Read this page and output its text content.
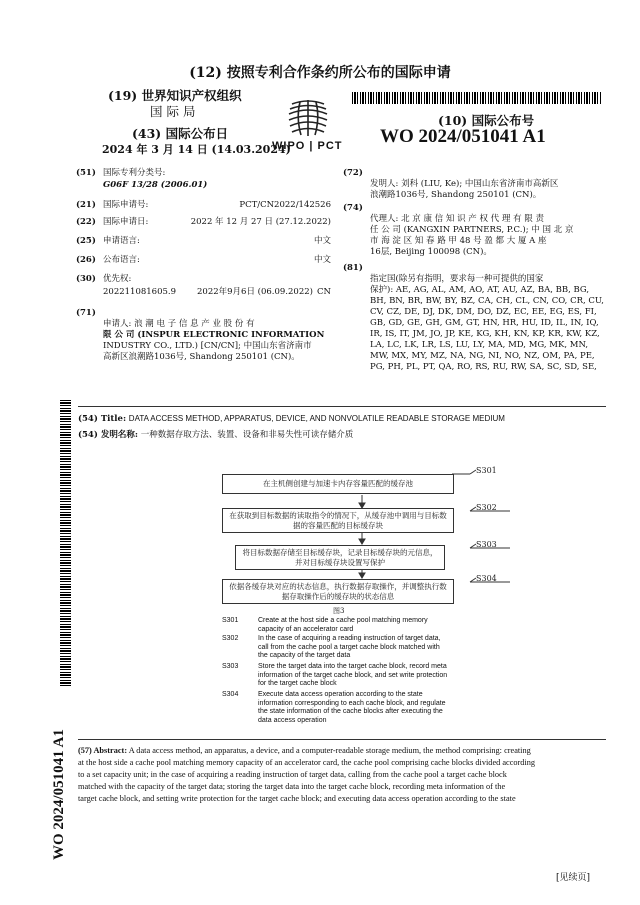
(12) 按照专利合作条约所公布的国际申请
(19) 世界知识产权组织
国 际 局
WIPO | PCT
(43) 国际公布日
2024 年 3 月 14 日 (14.03.2024)
(10) 国际公布号
WO 2024/051041 A1
(51) 国际专利分类号:
G06F 13/28 (2006.01)
(21) 国际申请号:	PCT/CN2022/142526
(22) 国际申请日:	2022 年 12 月 27 日 (27.12.2022)
(25) 申请语言:	中文
(26) 公布语言:	中文
(30) 优先权:
202211081605.9 2022年9月6日 (06.09.2022) CN
(71)
申请人: 浪 潮 电 子 信 息 产 业 股 份 有
限 公 司 (INSPUR ELECTRONIC INFORMATION
INDUSTRY CO., LTD.) [CN/CN]; 中国山东省济南市
高新区浪潮路1036号, Shandong 250101 (CN)。
(72)
发明人: 刘科 (LIU, Ke); 中国山东省济南市高新区
浪潮路1036号, Shandong 250101 (CN)。
(74)
代理人: 北 京 康 信 知 识 产 权 代 理 有 限 责
任 公 司 (KANGXIN PARTNERS, P.C.); 中 国 北 京
市 海 淀 区 知 春 路 甲 48 号 盈 都 大 厦 A 座
16层, Beijing 100098 (CN)。
(81)
指定国(除另有指明，要求每一种可提供的国家
保护): AE, AG, AL, AM, AO, AT, AU, AZ, BA, BB, BG,
BH, BN, BR, BW, BY, BZ, CA, CH, CL, CN, CO, CR, CU,
CV, CZ, DE, DJ, DK, DM, DO, DZ, EC, EE, EG, ES, FI,
GB, GD, GE, GH, GM, GT, HN, HR, HU, ID, IL, IN, IQ,
IR, IS, IT, JM, JO, JP, KE, KG, KH, KN, KP, KR, KW, KZ,
LA, LC, LK, LR, LS, LU, LY, MA, MD, MG, MK, MN,
MW, MX, MY, MZ, NA, NG, NI, NO, NZ, OM, PA, PE,
PG, PH, PL, PT, QA, RO, RS, RU, RW, SA, SC, SD, SE,
(54) Title: DATA ACCESS METHOD, APPARATUS, DEVICE, AND NONVOLATILE READABLE STORAGE MEDIUM
(54) 发明名称: 一种数据存取方法、装置、设备和非易失性可读存储介质
在主机侧创建与加速卡内存容量匹配的缓存池
在获取到目标数据的读取指令的情况下，从缓存池中调用与目标数据的容量匹配的目标缓存块
将目标数据存储至目标缓存块，记录目标缓存块的元信息，并对目标缓存块设置写保护
依据各缓存块对应的状态信息，执行数据存取操作，并调整执行数据存取操作后的缓存块的状态信息
S301
S302
S303
S304
图3
S301	Create at the host side a cache pool matching memory capacity of an accelerator card
S302	In the case of acquiring a reading instruction of target data, call from the cache pool a target cache block matched with the capacity of the target data
S303	Store the target data into the target cache block, record meta information of the target cache block, and set write protection for the target cache block
S304	Execute data access operation according to the state information corresponding to each cache block, and regulate the state information of the cache blocks after executing the data access operation
(57) Abstract: A data access method, an apparatus, a device, and a computer-readable storage medium, the method comprising: creating
at the host side a cache pool matching memory capacity of an accelerator card, the cache pool comprising cache blocks divided according
to a set capacity unit; in the case of acquiring a reading instruction of target data, calling from the cache pool a target cache block
matched with the capacity of the target data; storing the target data into the target cache block, recording meta information of the
target cache block, and setting write protection for the target cache block; and executing data access operation according to the state
WO 2024/051041 A1
[见续页]
